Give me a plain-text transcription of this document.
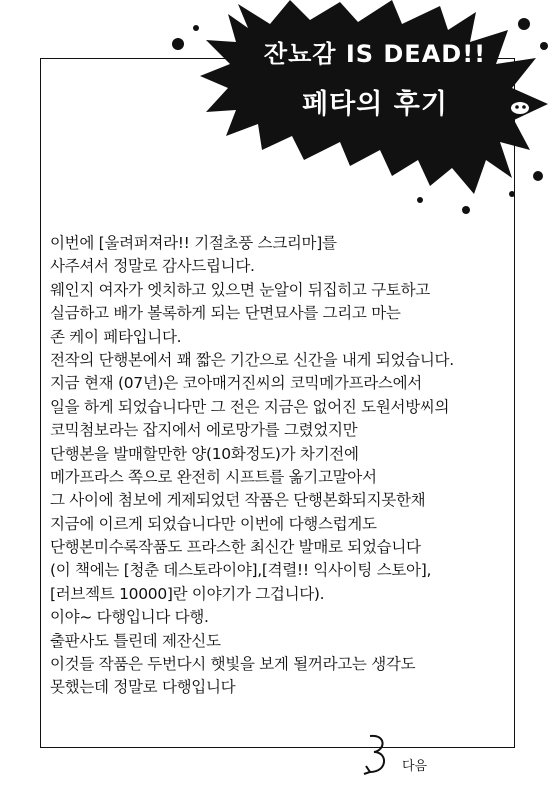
잔뇨감 IS DEAD!!
페타의 후기
이번에 [울려퍼져라!! 기절초풍 스크리마]를
사주셔서 정말로 감사드립니다.
웨인지 여자가 엣치하고 있으면 눈알이 뒤집히고 구토하고
실금하고 배가 볼록하게 되는 단면묘사를 그리고 마는
존 케이 페타입니다.
전작의 단행본에서 꽤 짧은 기간으로 신간을 내게 되었습니다.
지금 현재 (07년)은 코아매거진씨의 코믹메가프라스에서
일을 하게 되었습니다만 그 전은 지금은 없어진 도원서방씨의
코믹첨보라는 잡지에서 에로망가를 그렸었지만
단행본을 발매할만한 양(10화정도)가 차기전에
메가프라스 쪽으로 완전히 시프트를 옮기고말아서
그 사이에 첨보에 게제되었던 작품은 단행본화되지못한채
지금에 이르게 되었습니다만 이번에 다행스럽게도
단행본미수록작품도 프라스한 최신간 발매로 되었습니다
(이 책에는 [청춘 데스토라이야],[격렬!! 익사이팅 스토아],
[러브젝트 10000]란 이야기가 그겁니다).
이야~ 다행입니다 다행.
출판사도 틀린데 제잔신도
이것들 작품은 두번다시 햇빛을 보게 될꺼라고는 생각도
못했는데 정말로 다행입니다
다음
